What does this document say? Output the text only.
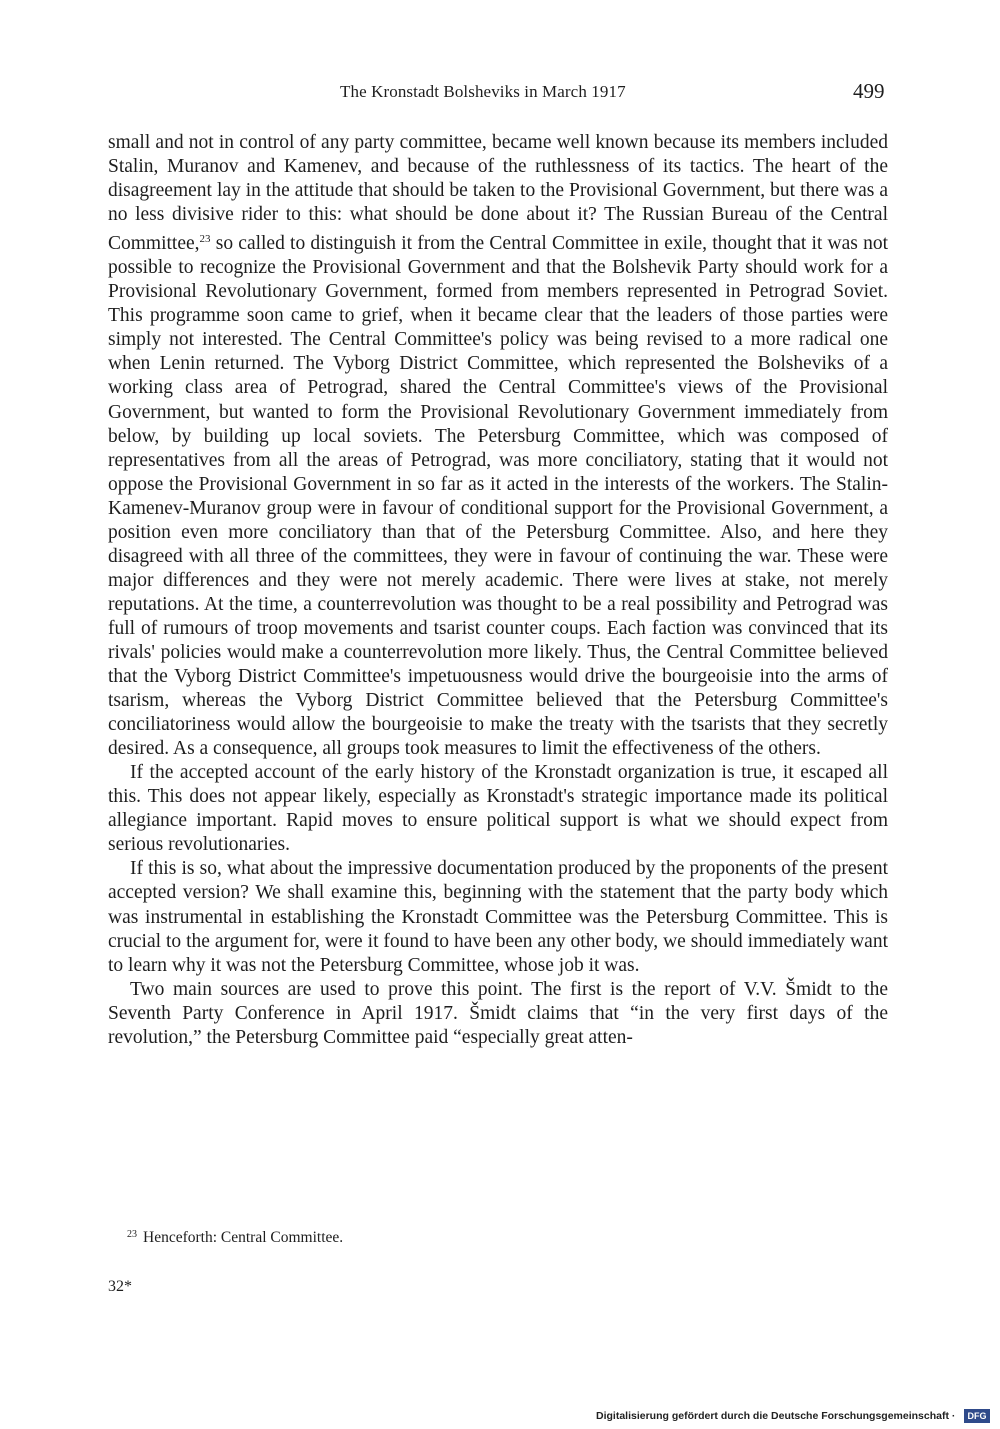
The Kronstadt Bolsheviks in March 1917	499

small and not in control of any party committee, became well known because its members included Stalin, Muranov and Kamenev, and because of the ruthlessness of its tactics. The heart of the disagreement lay in the attitude that should be taken to the Provisional Government, but there was a no less divisive rider to this: what should be done about it? The Russian Bureau of the Central Committee,$^{23}$ so called to distinguish it from the Central Committee in exile, thought that it was not possible to recognize the Provisional Government and that the Bolshevik Party should work for a Provisional Revolutionary Government, formed from members represented in Petrograd Soviet. This programme soon came to grief, when it became clear that the leaders of those parties were simply not interested. The Central Committee's policy was being revised to a more radical one when Lenin returned. The Vyborg District Committee, which represented the Bolsheviks of a working class area of Petrograd, shared the Central Committee's views of the Provisional Government, but wanted to form the Provisional Revolutionary Government immediately from below, by building up local soviets. The Petersburg Committee, which was composed of representatives from all the areas of Petrograd, was more conciliatory, stating that it would not oppose the Provisional Government in so far as it acted in the interests of the workers. The Stalin-Kamenev-Muranov group were in favour of conditional support for the Provisional Government, a position even more conciliatory than that of the Petersburg Committee. Also, and here they disagreed with all three of the committees, they were in favour of continuing the war. These were major differences and they were not merely academic. There were lives at stake, not merely reputations. At the time, a counterrevolution was thought to be a real possibility and Petrograd was full of rumours of troop movements and tsarist counter coups. Each faction was convinced that its rivals' policies would make a counterrevolution more likely. Thus, the Central Committee believed that the Vyborg District Committee's impetuousness would drive the bourgeoisie into the arms of tsarism, whereas the Vyborg District Committee believed that the Petersburg Committee's conciliatoriness would allow the bourgeoisie to make the treaty with the tsarists that they secretly desired. As a consequence, all groups took measures to limit the effectiveness of the others.

If the accepted account of the early history of the Kronstadt organization is true, it escaped all this. This does not appear likely, especially as Kronstadt's strategic importance made its political allegiance important. Rapid moves to ensure political support is what we should expect from serious revolutionaries.

If this is so, what about the impressive documentation produced by the proponents of the present accepted version? We shall examine this, beginning with the statement that the party body which was instrumental in establishing the Kronstadt Committee was the Petersburg Committee. This is crucial to the argument for, were it found to have been any other body, we should immediately want to learn why it was not the Petersburg Committee, whose job it was.

Two main sources are used to prove this point. The first is the report of V.V. Šmidt to the Seventh Party Conference in April 1917. Šmidt claims that “in the very first days of the revolution,” the Petersburg Committee paid “especially great atten-

$^{23}$ Henceforth: Central Committee.
32*
Digitalisierung gefördert durch die Deutsche Forschungsgemeinschaft ·	DFG
